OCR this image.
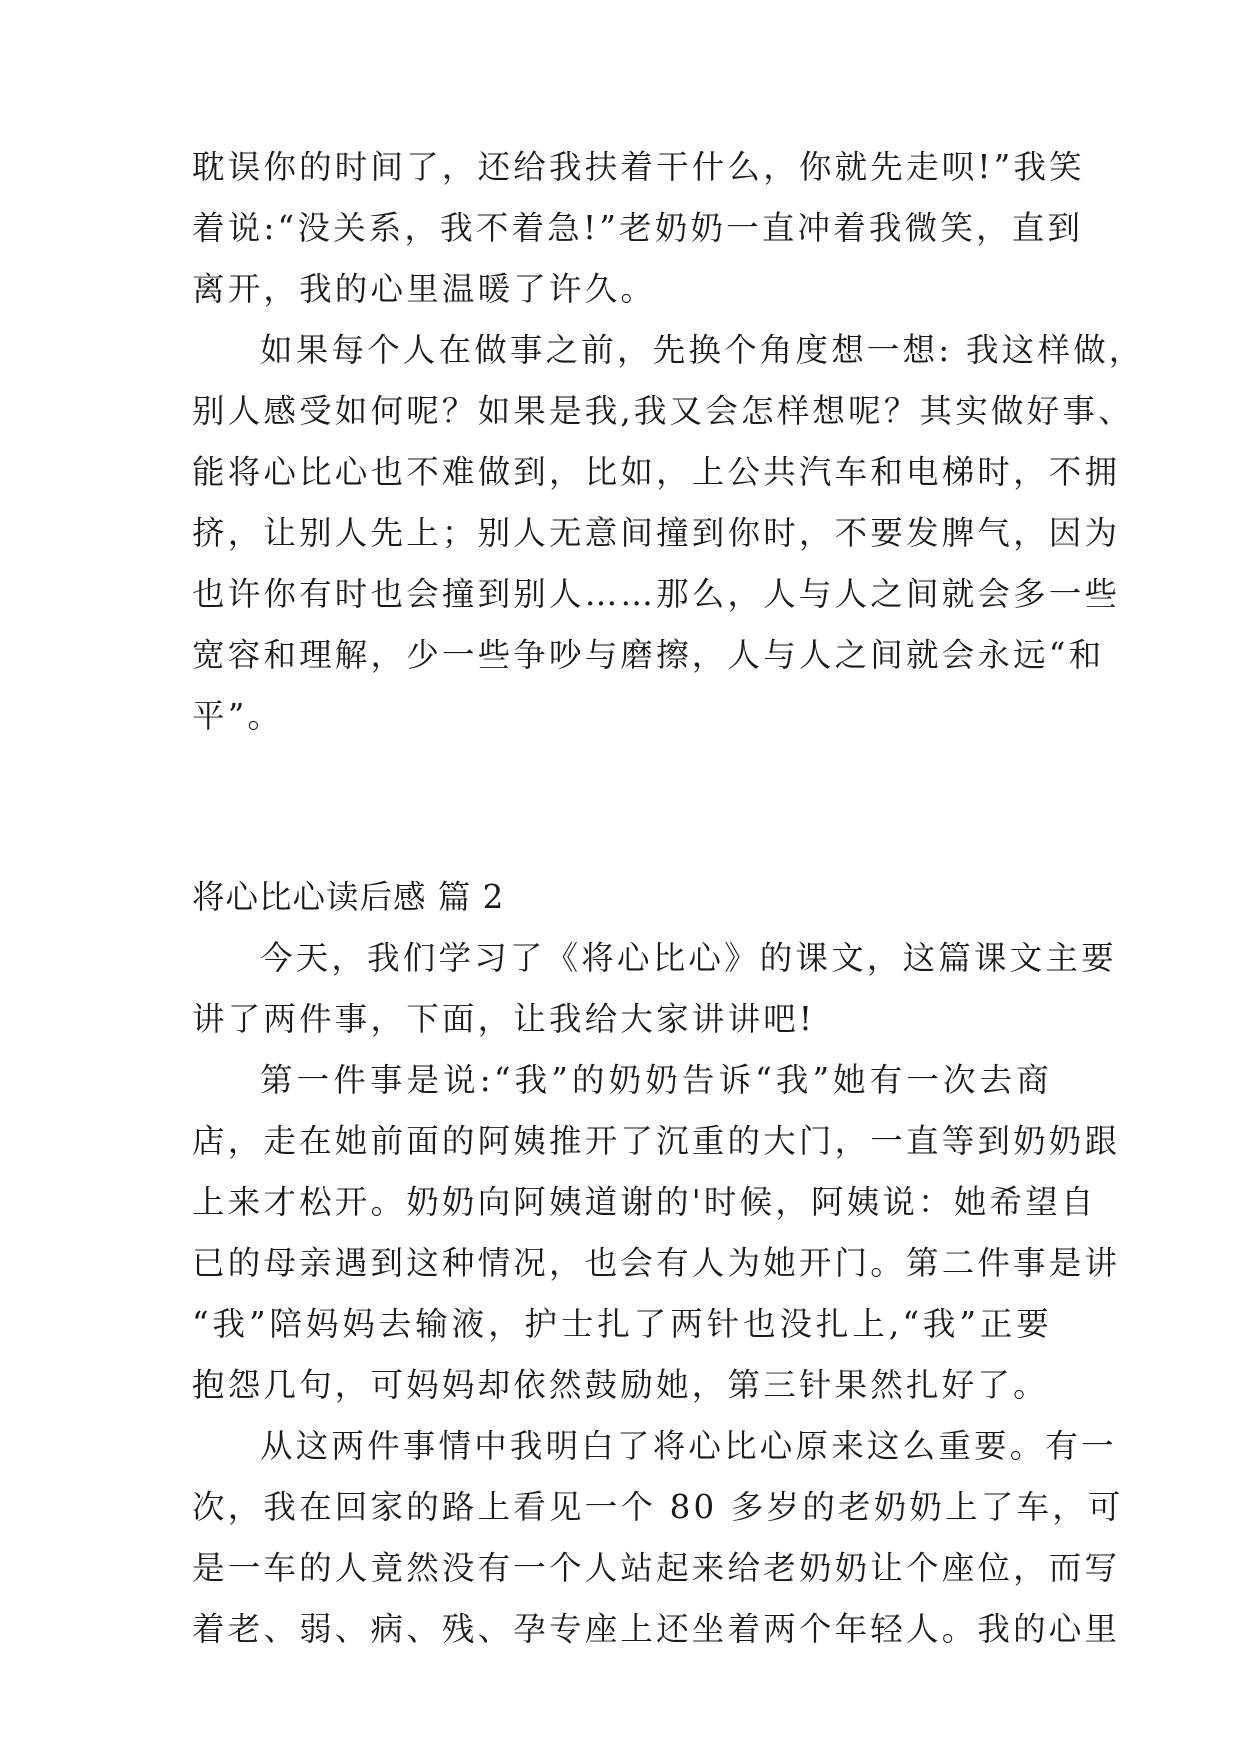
耽误你的时间了，还给我扶着干什么，你就先走呗!”我笑
着说:“没关系，我不着急!”老奶奶一直冲着我微笑，直到
离开，我的心里温暖了许久。
如果每个人在做事之前，先换个角度想一想: 我这样做，
别人感受如何呢？如果是我,我又会怎样想呢？其实做好事、
能将心比心也不难做到，比如，上公共汽车和电梯时，不拥
挤，让别人先上；别人无意间撞到你时，不要发脾气，因为
也许你有时也会撞到别人……那么，人与人之间就会多一些
宽容和理解，少一些争吵与磨擦，人与人之间就会永远“和
平”。
将心比心读后感 篇 2
今天，我们学习了《将心比心》的课文，这篇课文主要
讲了两件事，下面，让我给大家讲讲吧!
第一件事是说:“我”的奶奶告诉“我”她有一次去商
店，走在她前面的阿姨推开了沉重的大门，一直等到奶奶跟
上来才松开。奶奶向阿姨道谢的'时候，阿姨说：她希望自
已的母亲遇到这种情况，也会有人为她开门。第二件事是讲
“我”陪妈妈去输液，护士扎了两针也没扎上,“我”正要
抱怨几句，可妈妈却依然鼓励她，第三针果然扎好了。
从这两件事情中我明白了将心比心原来这么重要。有一
次，我在回家的路上看见一个 80 多岁的老奶奶上了车，可
是一车的人竟然没有一个人站起来给老奶奶让个座位，而写
着老、弱、病、残、孕专座上还坐着两个年轻人。我的心里
